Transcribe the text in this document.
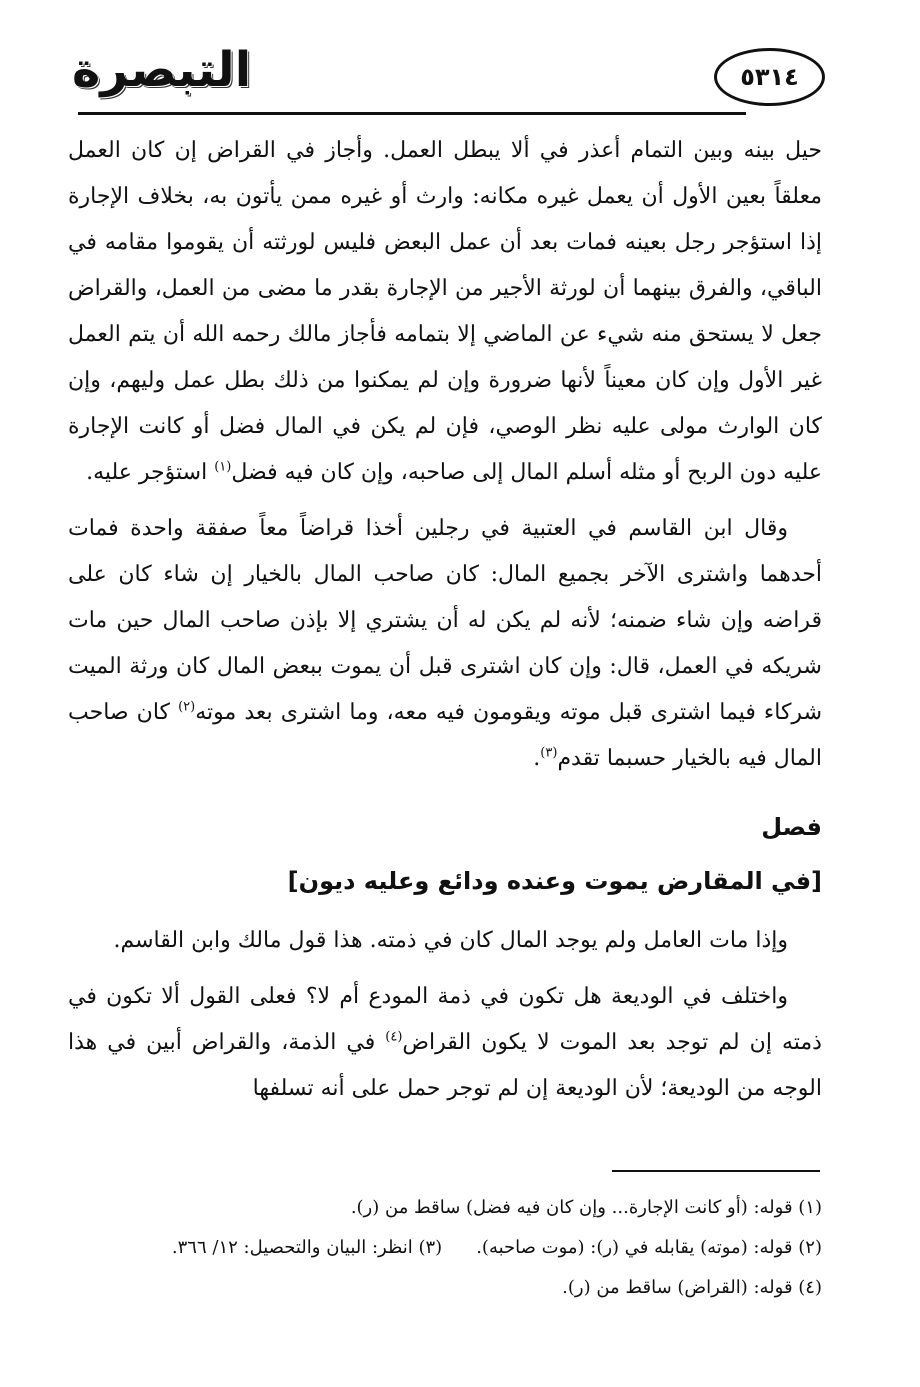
التبصرة	٥٣١٤

حيل بينه وبين التمام أعذر في ألا يبطل العمل. وأجاز في القراض إن كان العمل معلقاً بعين الأول أن يعمل غيره مكانه: وارث أو غيره ممن يأتون به، بخلاف الإجارة إذا استؤجر رجل بعينه فمات بعد أن عمل البعض فليس لورثته أن يقوموا مقامه في الباقي، والفرق بينهما أن لورثة الأجير من الإجارة بقدر ما مضى من العمل، والقراض جعل لا يستحق منه شيء عن الماضي إلا بتمامه فأجاز مالك رحمه الله أن يتم العمل غير الأول وإن كان معيناً لأنها ضرورة وإن لم يمكنوا من ذلك بطل عمل وليهم، وإن كان الوارث مولى عليه نظر الوصي، فإن لم يكن في المال فضل أو كانت الإجارة عليه دون الربح أو مثله أسلم المال إلى صاحبه، وإن كان فيه فضل$^{(١)}$ استؤجر عليه.

وقال ابن القاسم في العتبية في رجلين أخذا قراضاً معاً صفقة واحدة فمات أحدهما واشترى الآخر بجميع المال: كان صاحب المال بالخيار إن شاء كان على قراضه وإن شاء ضمنه؛ لأنه لم يكن له أن يشتري إلا بإذن صاحب المال حين مات شريكه في العمل، قال: وإن كان اشترى قبل أن يموت ببعض المال كان ورثة الميت شركاء فيما اشترى قبل موته ويقومون فيه معه، وما اشترى بعد موته$^{(٢)}$ كان صاحب المال فيه بالخيار حسبما تقدم$^{(٣)}$.

فصل
[في المقارض يموت وعنده ودائع وعليه ديون]

وإذا مات العامل ولم يوجد المال كان في ذمته. هذا قول مالك وابن القاسم.

واختلف في الوديعة هل تكون في ذمة المودع أم لا؟ فعلى القول ألا تكون في ذمته إن لم توجد بعد الموت لا يكون القراض$^{(٤)}$ في الذمة، والقراض أبين في هذا الوجه من الوديعة؛ لأن الوديعة إن لم توجر حمل على أنه تسلفها

(١) قوله: (أو كانت الإجارة... وإن كان فيه فضل) ساقط من (ر).

(٢) قوله: (موته) يقابله في (ر): (موت صاحبه).(٣) انظر: البيان والتحصيل: ١٢/ ٣٦٦.

(٤) قوله: (القراض) ساقط من (ر).
